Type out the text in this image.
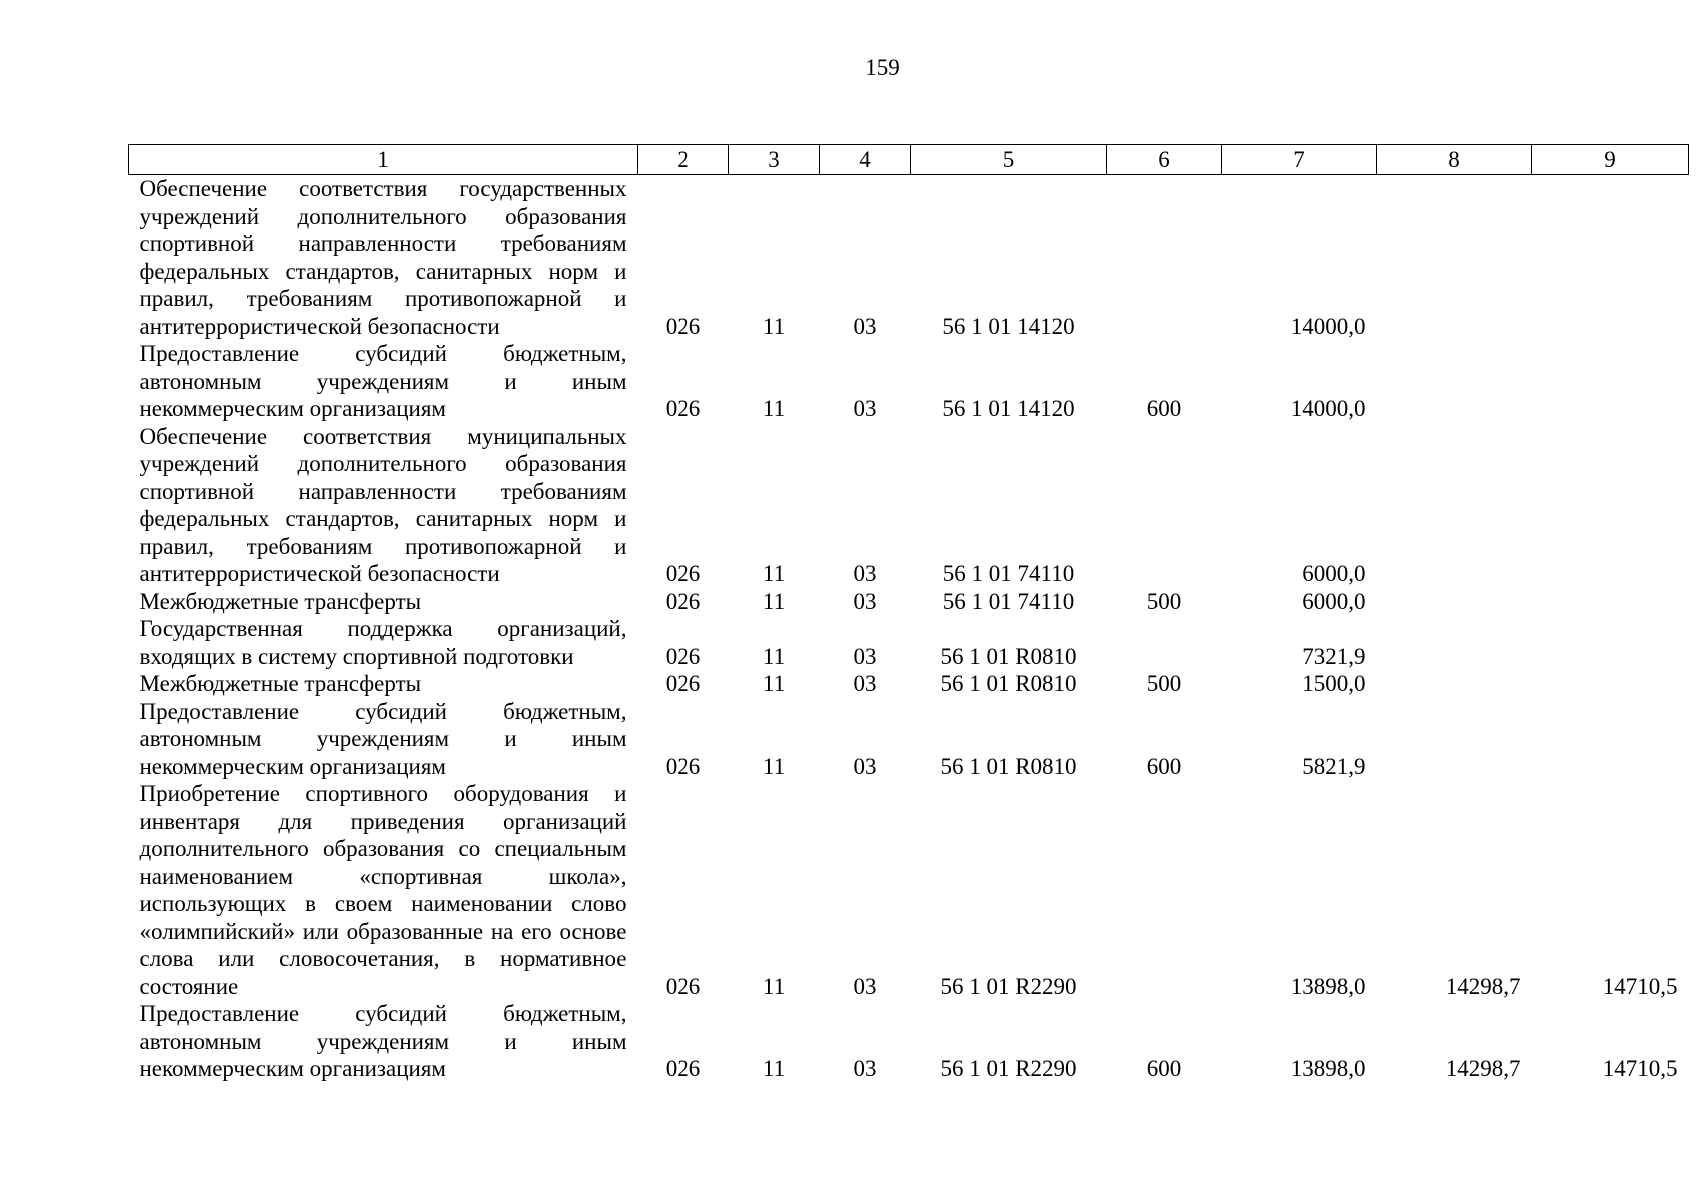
159
1	2	3	4	5	6	7	8	9
Обеспечение соответствия государственных учреждений дополнительного образования спортивной направленности требованиям федеральных стандартов, санитарных норм и правил, требованиям противопожарной и антитеррористической безопасности	026	11	03	56 1 01 14120		14000,0		
Предоставление субсидий бюджетным, автономным учреждениям и иным некоммерческим организациям	026	11	03	56 1 01 14120	600	14000,0		
Обеспечение соответствия муниципальных учреждений дополнительного образования спортивной направленности требованиям федеральных стандартов, санитарных норм и правил, требованиям противопожарной и антитеррористической безопасности	026	11	03	56 1 01 74110		6000,0		
Межбюджетные трансферты	026	11	03	56 1 01 74110	500	6000,0		
Государственная поддержка организаций, входящих в систему спортивной подготовки	026	11	03	56 1 01 R0810		7321,9		
Межбюджетные трансферты	026	11	03	56 1 01 R0810	500	1500,0		
Предоставление субсидий бюджетным, автономным учреждениям и иным некоммерческим организациям	026	11	03	56 1 01 R0810	600	5821,9		
Приобретение спортивного оборудования и инвентаря для приведения организаций дополнительного образования со специальным наименованием «спортивная школа», использующих в своем наименовании слово «олимпийский» или образованные на его основе слова или словосочетания, в нормативное состояние	026	11	03	56 1 01 R2290		13898,0	14298,7	14710,5
Предоставление субсидий бюджетным, автономным учреждениям и иным некоммерческим организациям	026	11	03	56 1 01 R2290	600	13898,0	14298,7	14710,5
